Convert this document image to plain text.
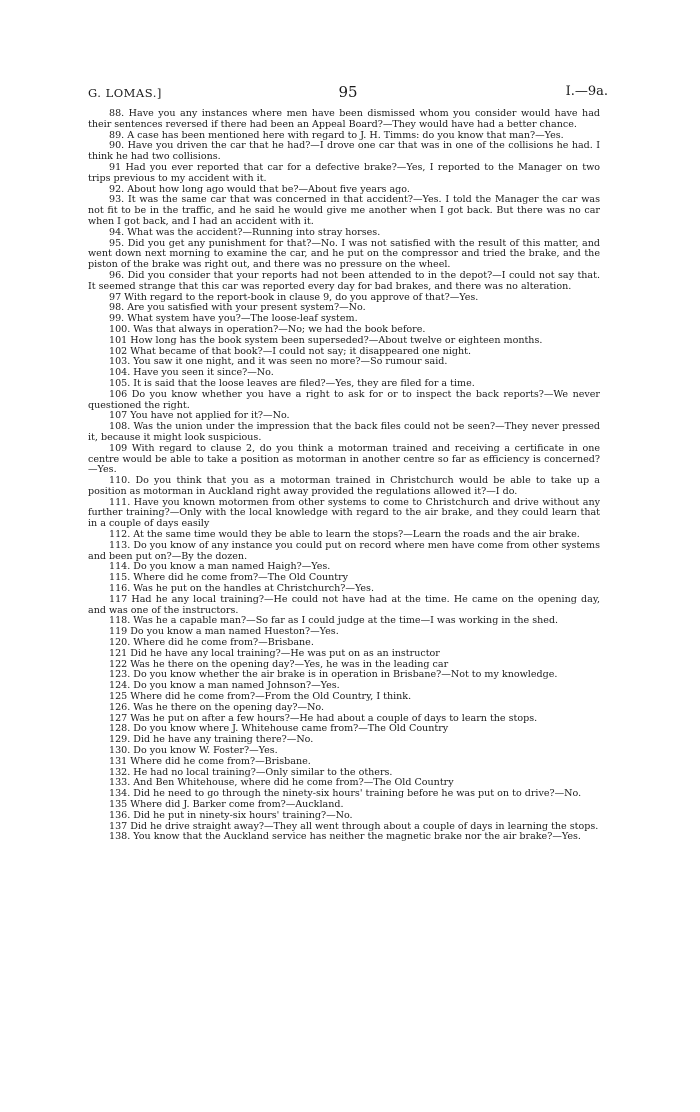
G. LOMAS.]	95	I.—9a.

88. Have you any instances where men have been dismissed whom you consider would have had their sentences reversed if there had been an Appeal Board?—They would have had a better chance.

89. A case has been mentioned here with regard to J. H. Timms: do you know that man?—Yes.

90. Have you driven the car that he had?—I drove one car that was in one of the collisions he had. I think he had two collisions.

91 Had you ever reported that car for a defective brake?—Yes, I reported to the Manager on two trips previous to my accident with it.

92. About how long ago would that be?—About five years ago.

93. It was the same car that was concerned in that accident?—Yes. I told the Manager the car was not fit to be in the traffic, and he said he would give me another when I got back. But there was no car when I got back, and I had an accident with it.

94. What was the accident?—Running into stray horses.

95. Did you get any punishment for that?—No. I was not satisfied with the result of this matter, and went down next morning to examine the car, and he put on the compressor and tried the brake, and the piston of the brake was right out, and there was no pressure on the wheel.

96. Did you consider that your reports had not been attended to in the depot?—I could not say that. It seemed strange that this car was reported every day for bad brakes, and there was no alteration.

97 With regard to the report-book in clause 9, do you approve of that?—Yes.

98. Are you satisfied with your present system?—No.

99. What system have you?—The loose-leaf system.

100. Was that always in operation?—No; we had the book before.

101 How long has the book system been superseded?—About twelve or eighteen months.

102 What became of that book?—I could not say; it disappeared one night.

103. You saw it one night, and it was seen no more?—So rumour said.

104. Have you seen it since?—No.

105. It is said that the loose leaves are filed?—Yes, they are filed for a time.

106 Do you know whether you have a right to ask for or to inspect the back reports?—We never questioned the right.

107 You have not applied for it?—No.

108. Was the union under the impression that the back files could not be seen?—They never pressed it, because it might look suspicious.

109 With regard to clause 2, do you think a motorman trained and receiving a certificate in one centre would be able to take a position as motorman in another centre so far as efficiency is concerned?—Yes.

110. Do you think that you as a motorman trained in Christchurch would be able to take up a position as motorman in Auckland right away provided the regulations allowed it?—I do.

111. Have you known motormen from other systems to come to Christchurch and drive without any further training?—Only with the local knowledge with regard to the air brake, and they could learn that in a couple of days easily

112. At the same time would they be able to learn the stops?—Learn the roads and the air brake.

113. Do you know of any instance you could put on record where men have come from other systems and been put on?—By the dozen.

114. Do you know a man named Haigh?—Yes.

115. Where did he come from?—The Old Country

116. Was he put on the handles at Christchurch?—Yes.

117 Had he any local training?—He could not have had at the time. He came on the opening day, and was one of the instructors.

118. Was he a capable man?—So far as I could judge at the time—I was working in the shed.

119 Do you know a man named Hueston?—Yes.

120. Where did he come from?—Brisbane.

121 Did he have any local training?—He was put on as an instructor

122 Was he there on the opening day?—Yes, he was in the leading car

123. Do you know whether the air brake is in operation in Brisbane?—Not to my knowledge.

124. Do you know a man named Johnson?—Yes.

125 Where did he come from?—From the Old Country, I think.

126. Was he there on the opening day?—No.

127 Was he put on after a few hours?—He had about a couple of days to learn the stops.

128. Do you know where J. Whitehouse came from?—The Old Country

129. Did he have any training there?—No.

130. Do you know W. Foster?—Yes.

131 Where did he come from?—Brisbane.

132. He had no local training?—Only similar to the others.

133. And Ben Whitehouse, where did he come from?—The Old Country

134. Did he need to go through the ninety-six hours' training before he was put on to drive?—No.

135 Where did J. Barker come from?—Auckland.

136. Did he put in ninety-six hours' training?—No.

137 Did he drive straight away?—They all went through about a couple of days in learning the stops.

138. You know that the Auckland service has neither the magnetic brake nor the air brake?—Yes.
